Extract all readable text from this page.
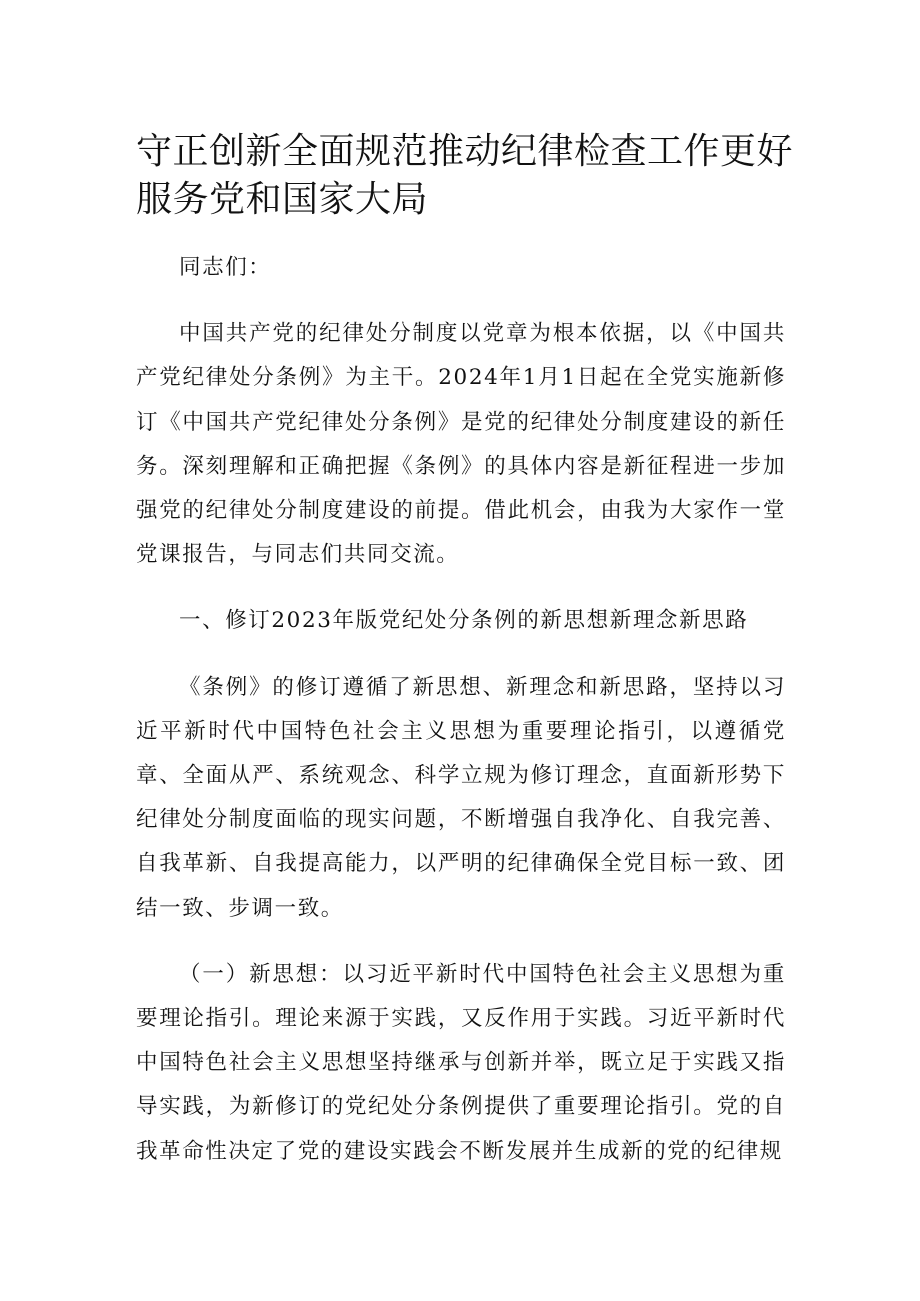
守正创新全面规范推动纪律检查工作更好服务党和国家大局

同志们：

中国共产党的纪律处分制度以党章为根本依据，以《中国共产党纪律处分条例》为主干。2024年1月1日起在全党实施新修订《中国共产党纪律处分条例》是党的纪律处分制度建设的新任务。深刻理解和正确把握《条例》的具体内容是新征程进一步加强党的纪律处分制度建设的前提。借此机会，由我为大家作一堂党课报告，与同志们共同交流。

一、修订2023年版党纪处分条例的新思想新理念新思路

《条例》的修订遵循了新思想、新理念和新思路，坚持以习近平新时代中国特色社会主义思想为重要理论指引，以遵循党章、全面从严、系统观念、科学立规为修订理念，直面新形势下纪律处分制度面临的现实问题，不断增强自我净化、自我完善、自我革新、自我提高能力，以严明的纪律确保全党目标一致、团结一致、步调一致。

（一）新思想：以习近平新时代中国特色社会主义思想为重要理论指引。理论来源于实践，又反作用于实践。习近平新时代中国特色社会主义思想坚持继承与创新并举，既立足于实践又指导实践，为新修订的党纪处分条例提供了重要理论指引。党的自我革命性决定了党的建设实践会不断发展并生成新的党的纪律规
